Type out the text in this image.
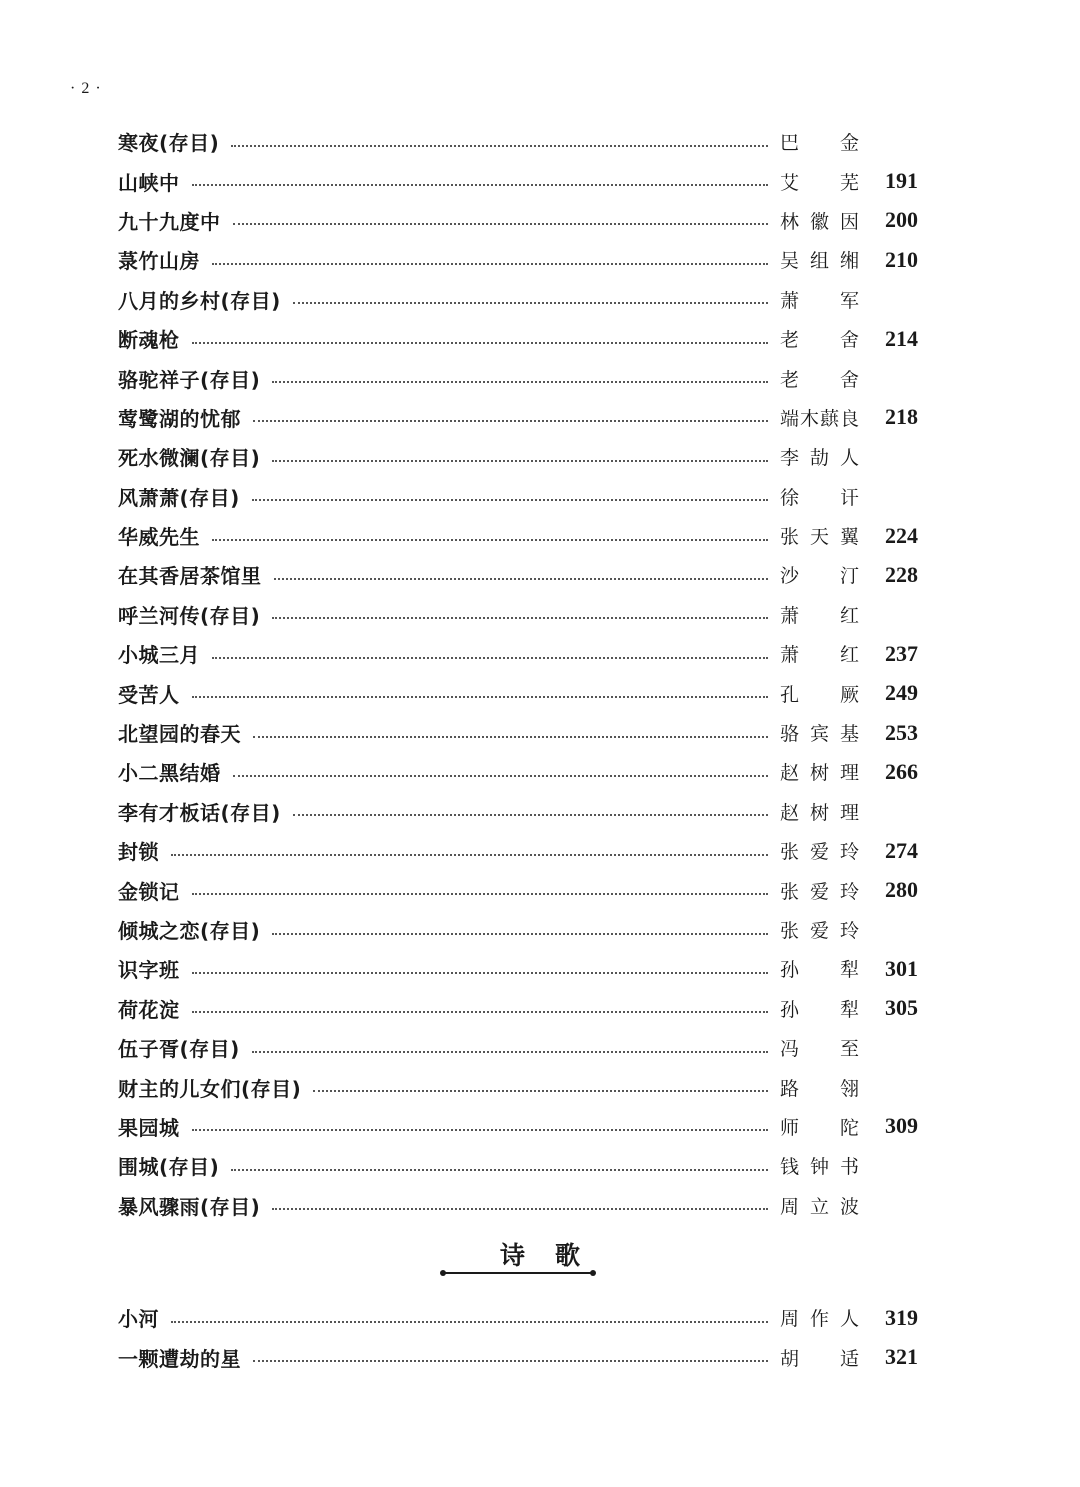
· 2 ·
寒夜(存目)	巴金
山峡中	艾芜	191
九十九度中	林徽因	200
菉竹山房	吴组缃	210
八月的乡村(存目)	萧军
断魂枪	老舍	214
骆驼祥子(存目)	老舍
莺鹭湖的忧郁	端木蕻良	218
死水微澜(存目)	李劼人
风萧萧(存目)	徐讦
华威先生	张天翼	224
在其香居茶馆里	沙汀	228
呼兰河传(存目)	萧红
小城三月	萧红	237
受苦人	孔厥	249
北望园的春天	骆宾基	253
小二黑结婚	赵树理	266
李有才板话(存目)	赵树理
封锁	张爱玲	274
金锁记	张爱玲	280
倾城之恋(存目)	张爱玲
识字班	孙犁	301
荷花淀	孙犁	305
伍子胥(存目)	冯至
财主的儿女们(存目)	路翎
果园城	师陀	309
围城(存目)	钱钟书
暴风骤雨(存目)	周立波
诗歌
小河	周作人	319
一颗遭劫的星	胡适	321
